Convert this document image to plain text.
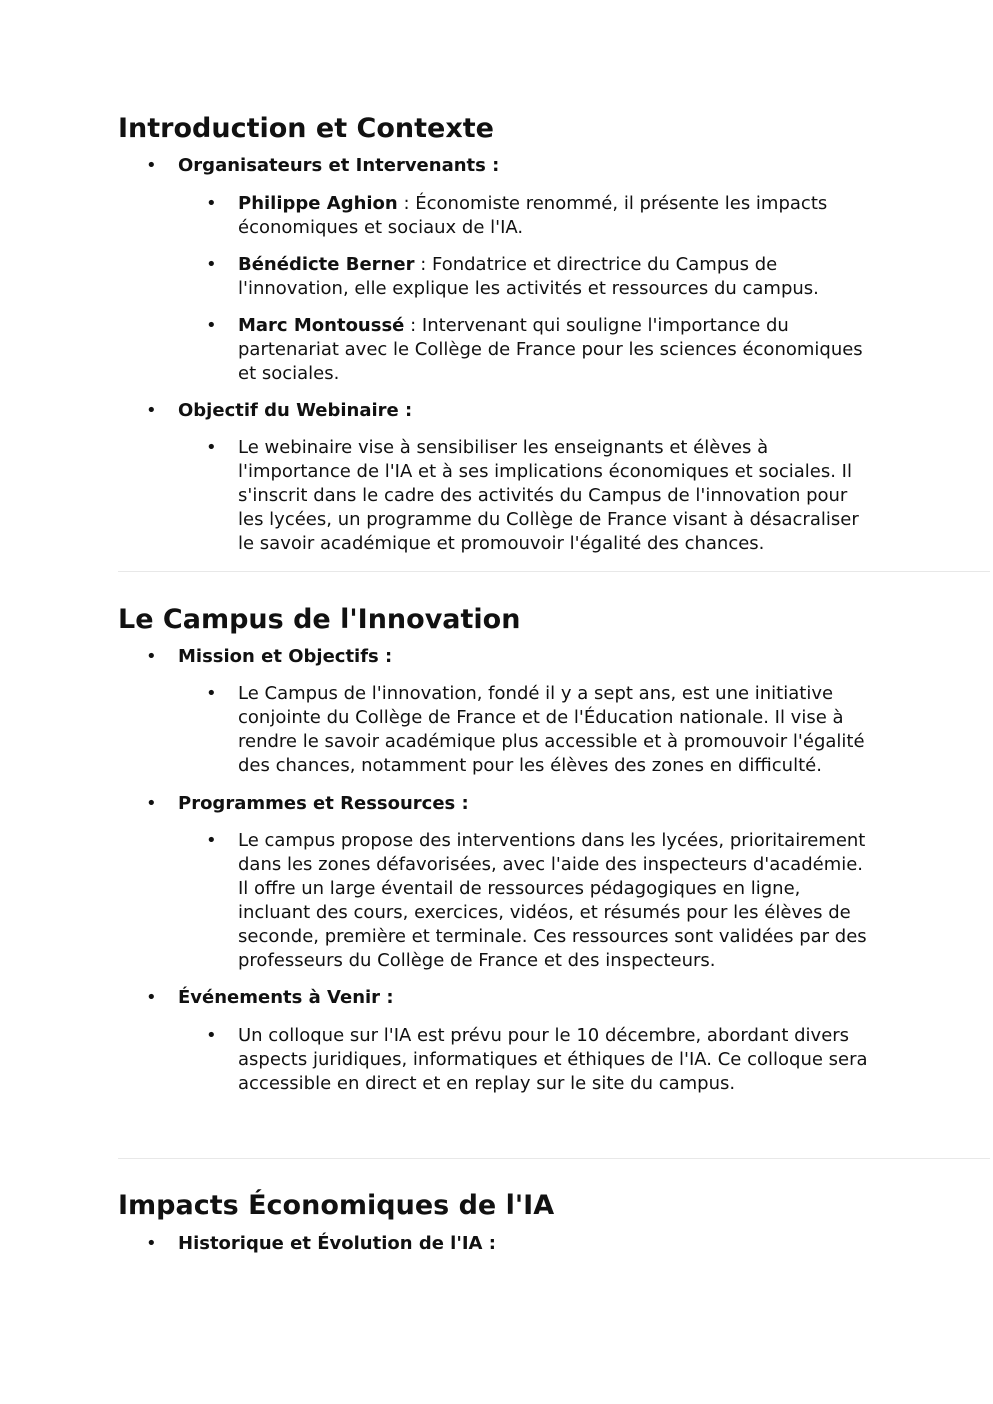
Introduction et Contexte
• Organisateurs et Intervenants :
• Philippe Aghion : Économiste renommé, il présente les impacts économiques et sociaux de l'IA.
• Bénédicte Berner : Fondatrice et directrice du Campus de l'innovation, elle explique les activités et ressources du campus.
• Marc Montoussé : Intervenant qui souligne l'importance du partenariat avec le Collège de France pour les sciences économiques et sociales.
• Objectif du Webinaire :
• Le webinaire vise à sensibiliser les enseignants et élèves à l'importance de l'IA et à ses implications économiques et sociales. Il s'inscrit dans le cadre des activités du Campus de l'innovation pour les lycées, un programme du Collège de France visant à désacraliser le savoir académique et promouvoir l'égalité des chances.
Le Campus de l'Innovation
• Mission et Objectifs :
• Le Campus de l'innovation, fondé il y a sept ans, est une initiative conjointe du Collège de France et de l'Éducation nationale. Il vise à rendre le savoir académique plus accessible et à promouvoir l'égalité des chances, notamment pour les élèves des zones en difficulté.
• Programmes et Ressources :
• Le campus propose des interventions dans les lycées, prioritairement dans les zones défavorisées, avec l'aide des inspecteurs d'académie. Il offre un large éventail de ressources pédagogiques en ligne, incluant des cours, exercices, vidéos, et résumés pour les élèves de seconde, première et terminale. Ces ressources sont validées par des professeurs du Collège de France et des inspecteurs.
• Événements à Venir :
• Un colloque sur l'IA est prévu pour le 10 décembre, abordant divers aspects juridiques, informatiques et éthiques de l'IA. Ce colloque sera accessible en direct et en replay sur le site du campus.
Impacts Économiques de l'IA
• Historique et Évolution de l'IA :
